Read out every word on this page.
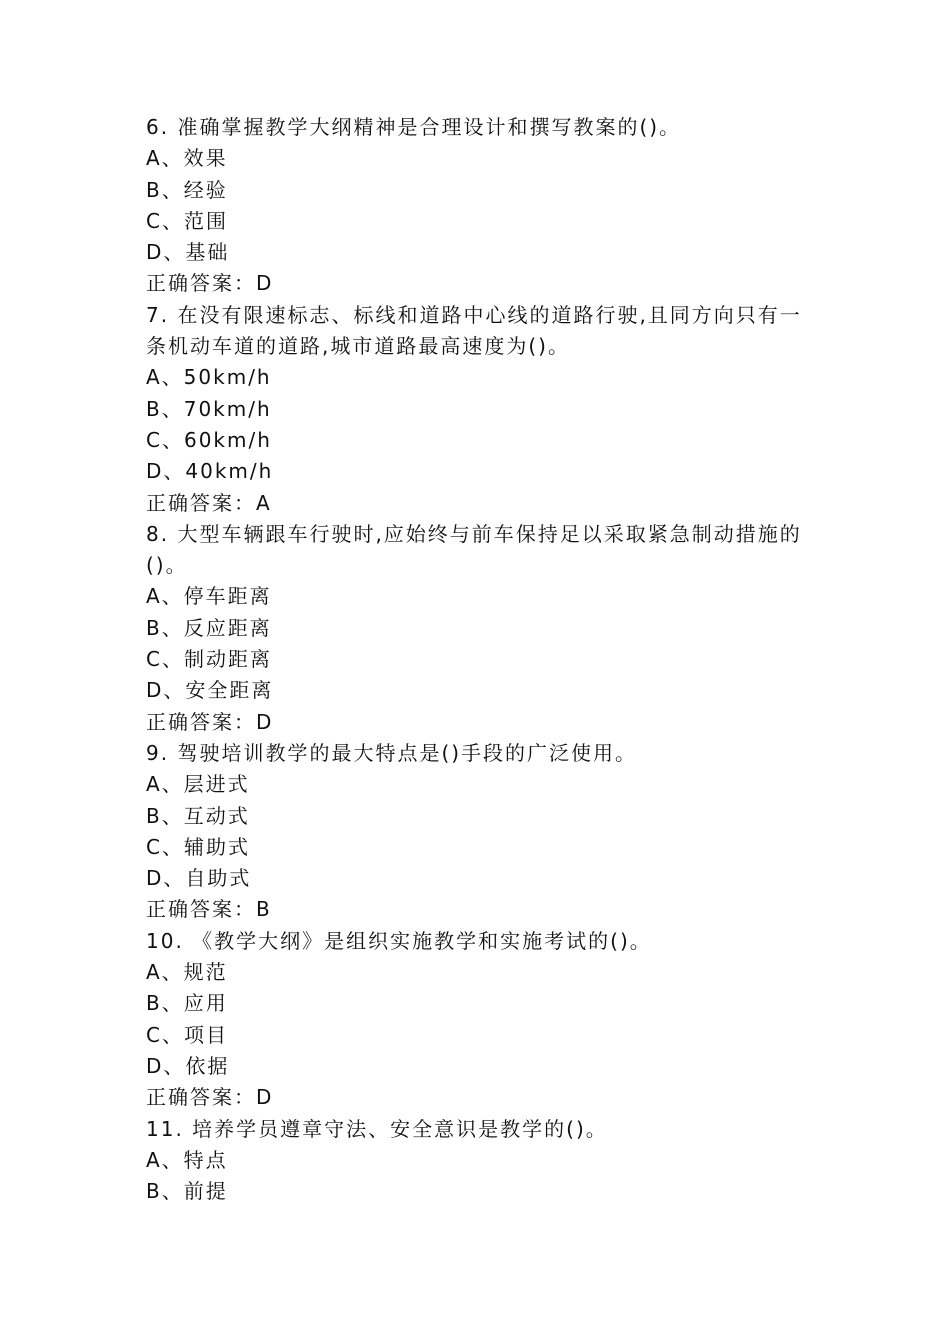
6. 准确掌握教学大纲精神是合理设计和撰写教案的()。
A、效果
B、经验
C、范围
D、基础
正确答案：D
7. 在没有限速标志、标线和道路中心线的道路行驶,且同方向只有一
条机动车道的道路,城市道路最高速度为()。
A、50km/h
B、70km/h
C、60km/h
D、40km/h
正确答案：A
8. 大型车辆跟车行驶时,应始终与前车保持足以采取紧急制动措施的
()。
A、停车距离
B、反应距离
C、制动距离
D、安全距离
正确答案：D
9. 驾驶培训教学的最大特点是()手段的广泛使用。
A、层进式
B、互动式
C、辅助式
D、自助式
正确答案：B
10. 《教学大纲》是组织实施教学和实施考试的()。
A、规范
B、应用
C、项目
D、依据
正确答案：D
11. 培养学员遵章守法、安全意识是教学的()。
A、特点
B、前提
